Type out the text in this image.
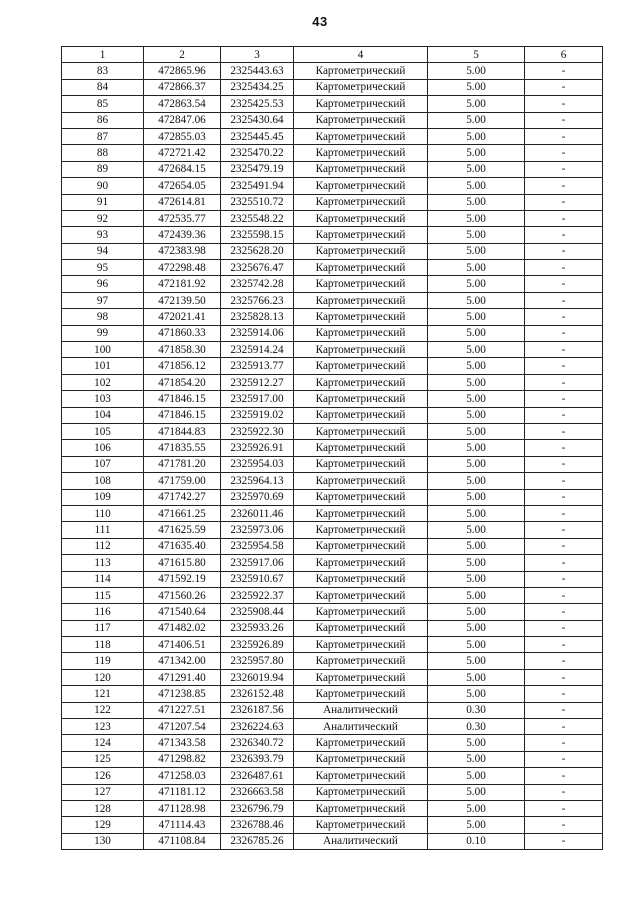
43
1	2	3	4	5	6
83	472865.96	2325443.63	Картометрический	5.00	-
84	472866.37	2325434.25	Картометрический	5.00	-
85	472863.54	2325425.53	Картометрический	5.00	-
86	472847.06	2325430.64	Картометрический	5.00	-
87	472855.03	2325445.45	Картометрический	5.00	-
88	472721.42	2325470.22	Картометрический	5.00	-
89	472684.15	2325479.19	Картометрический	5.00	-
90	472654.05	2325491.94	Картометрический	5.00	-
91	472614.81	2325510.72	Картометрический	5.00	-
92	472535.77	2325548.22	Картометрический	5.00	-
93	472439.36	2325598.15	Картометрический	5.00	-
94	472383.98	2325628.20	Картометрический	5.00	-
95	472298.48	2325676.47	Картометрический	5.00	-
96	472181.92	2325742.28	Картометрический	5.00	-
97	472139.50	2325766.23	Картометрический	5.00	-
98	472021.41	2325828.13	Картометрический	5.00	-
99	471860.33	2325914.06	Картометрический	5.00	-
100	471858.30	2325914.24	Картометрический	5.00	-
101	471856.12	2325913.77	Картометрический	5.00	-
102	471854.20	2325912.27	Картометрический	5.00	-
103	471846.15	2325917.00	Картометрический	5.00	-
104	471846.15	2325919.02	Картометрический	5.00	-
105	471844.83	2325922.30	Картометрический	5.00	-
106	471835.55	2325926.91	Картометрический	5.00	-
107	471781.20	2325954.03	Картометрический	5.00	-
108	471759.00	2325964.13	Картометрический	5.00	-
109	471742.27	2325970.69	Картометрический	5.00	-
110	471661.25	2326011.46	Картометрический	5.00	-
111	471625.59	2325973.06	Картометрический	5.00	-
112	471635.40	2325954.58	Картометрический	5.00	-
113	471615.80	2325917.06	Картометрический	5.00	-
114	471592.19	2325910.67	Картометрический	5.00	-
115	471560.26	2325922.37	Картометрический	5.00	-
116	471540.64	2325908.44	Картометрический	5.00	-
117	471482.02	2325933.26	Картометрический	5.00	-
118	471406.51	2325926.89	Картометрический	5.00	-
119	471342.00	2325957.80	Картометрический	5.00	-
120	471291.40	2326019.94	Картометрический	5.00	-
121	471238.85	2326152.48	Картометрический	5.00	-
122	471227.51	2326187.56	Аналитический	0.30	-
123	471207.54	2326224.63	Аналитический	0.30	-
124	471343.58	2326340.72	Картометрический	5.00	-
125	471298.82	2326393.79	Картометрический	5.00	-
126	471258.03	2326487.61	Картометрический	5.00	-
127	471181.12	2326663.58	Картометрический	5.00	-
128	471128.98	2326796.79	Картометрический	5.00	-
129	471114.43	2326788.46	Картометрический	5.00	-
130	471108.84	2326785.26	Аналитический	0.10	-
